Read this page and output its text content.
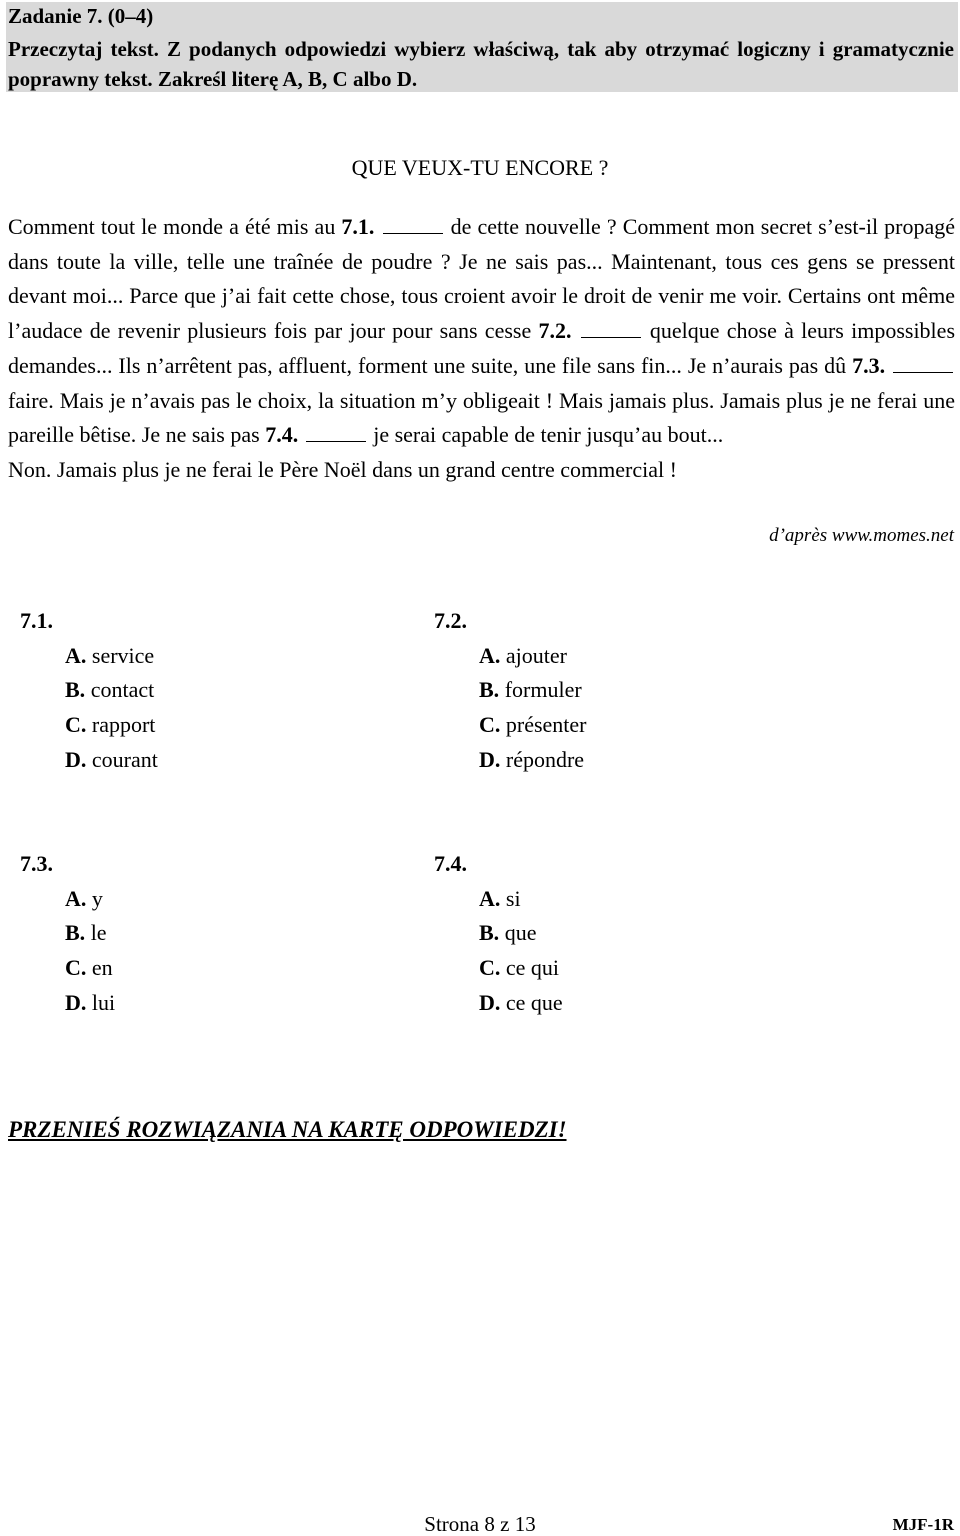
Zadanie 7. (0–4)
Przeczytaj tekst. Z podanych odpowiedzi wybierz właściwą, tak aby otrzymać logiczny i gramatycznie poprawny tekst. Zakreśl literę A, B, C albo D.
QUE VEUX-TU ENCORE ?
Comment tout le monde a été mis au 7.1.	de cette nouvelle ? Comment mon secret s’est-il propagé dans toute la ville, telle une traînée de poudre ? Je ne sais pas... Maintenant, tous ces gens se pressent devant moi... Parce que j’ai fait cette chose, tous croient avoir le droit de venir me voir. Certains ont même l’audace de revenir plusieurs fois par jour pour sans cesse 7.2.	quelque chose à leurs impossibles demandes... Ils n’arrêtent pas, affluent, forment une suite, une file sans fin... Je n’aurais pas dû 7.3.  faire. Mais je n’avais pas le choix, la situation m’y obligeait ! Mais jamais plus. Jamais plus je ne ferai une pareille bêtise. Je ne sais pas 7.4.	je serai capable de tenir jusqu’au bout...
Non. Jamais plus je ne ferai le Père Noël dans un grand centre commercial !
d’après www.momes.net
7.1.
A. service
B. contact
C. rapport
D. courant
7.2.
A. ajouter
B. formuler
C. présenter
D. répondre
7.3.
A. y
B. le
C. en
D. lui
7.4.
A. si
B. que
C. ce qui
D. ce que
PRZENIEŚ ROZWIĄZANIA NA KARTĘ ODPOWIEDZI!
Strona 8 z 13	MJF-1R
